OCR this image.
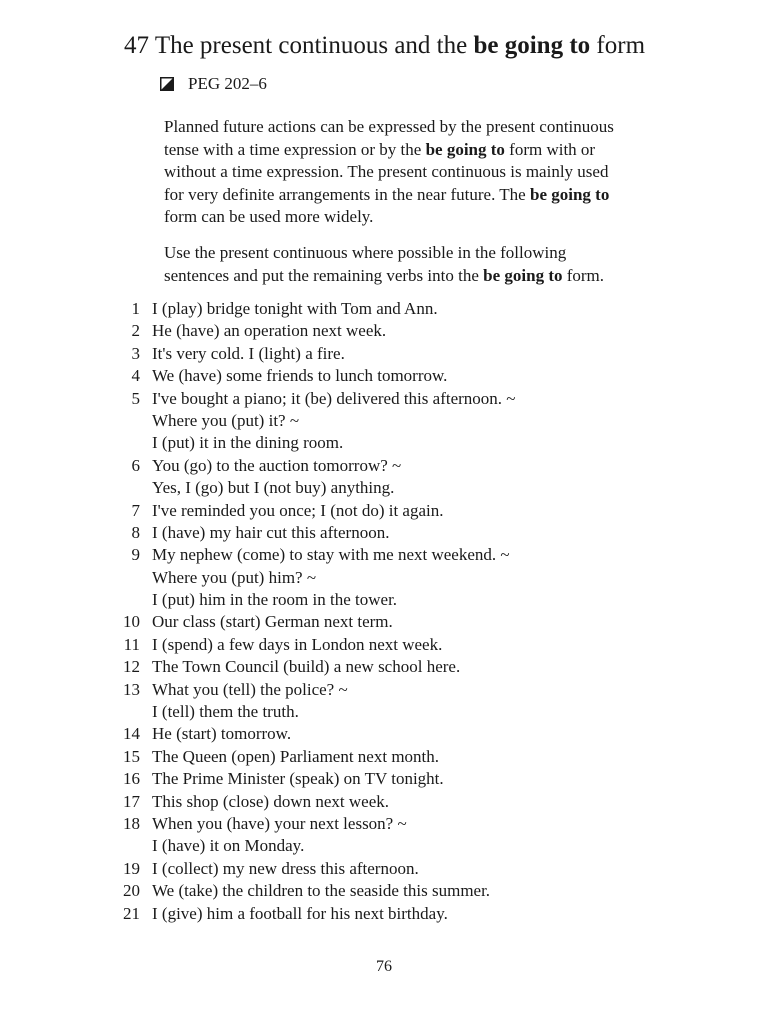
47 The present continuous and the be going to form
PEG 202–6
Planned future actions can be expressed by the present continuous
tense with a time expression or by the be going to form with or
without a time expression. The present continuous is mainly used
for very definite arrangements in the near future. The be going to
form can be used more widely.
Use the present continuous where possible in the following
sentences and put the remaining verbs into the be going to form.
1 I (play) bridge tonight with Tom and Ann.
2 He (have) an operation next week.
3 It's very cold. I (light) a fire.
4 We (have) some friends to lunch tomorrow.
5 I've bought a piano; it (be) delivered this afternoon. ~
Where you (put) it? ~
I (put) it in the dining room.
6 You (go) to the auction tomorrow? ~
Yes, I (go) but I (not buy) anything.
7 I've reminded you once; I (not do) it again.
8 I (have) my hair cut this afternoon.
9 My nephew (come) to stay with me next weekend. ~
Where you (put) him? ~
I (put) him in the room in the tower.
10 Our class (start) German next term.
11 I (spend) a few days in London next week.
12 The Town Council (build) a new school here.
13 What you (tell) the police? ~
I (tell) them the truth.
14 He (start) tomorrow.
15 The Queen (open) Parliament next month.
16 The Prime Minister (speak) on TV tonight.
17 This shop (close) down next week.
18 When you (have) your next lesson? ~
I (have) it on Monday.
19 I (collect) my new dress this afternoon.
20 We (take) the children to the seaside this summer.
21 I (give) him a football for his next birthday.
76
